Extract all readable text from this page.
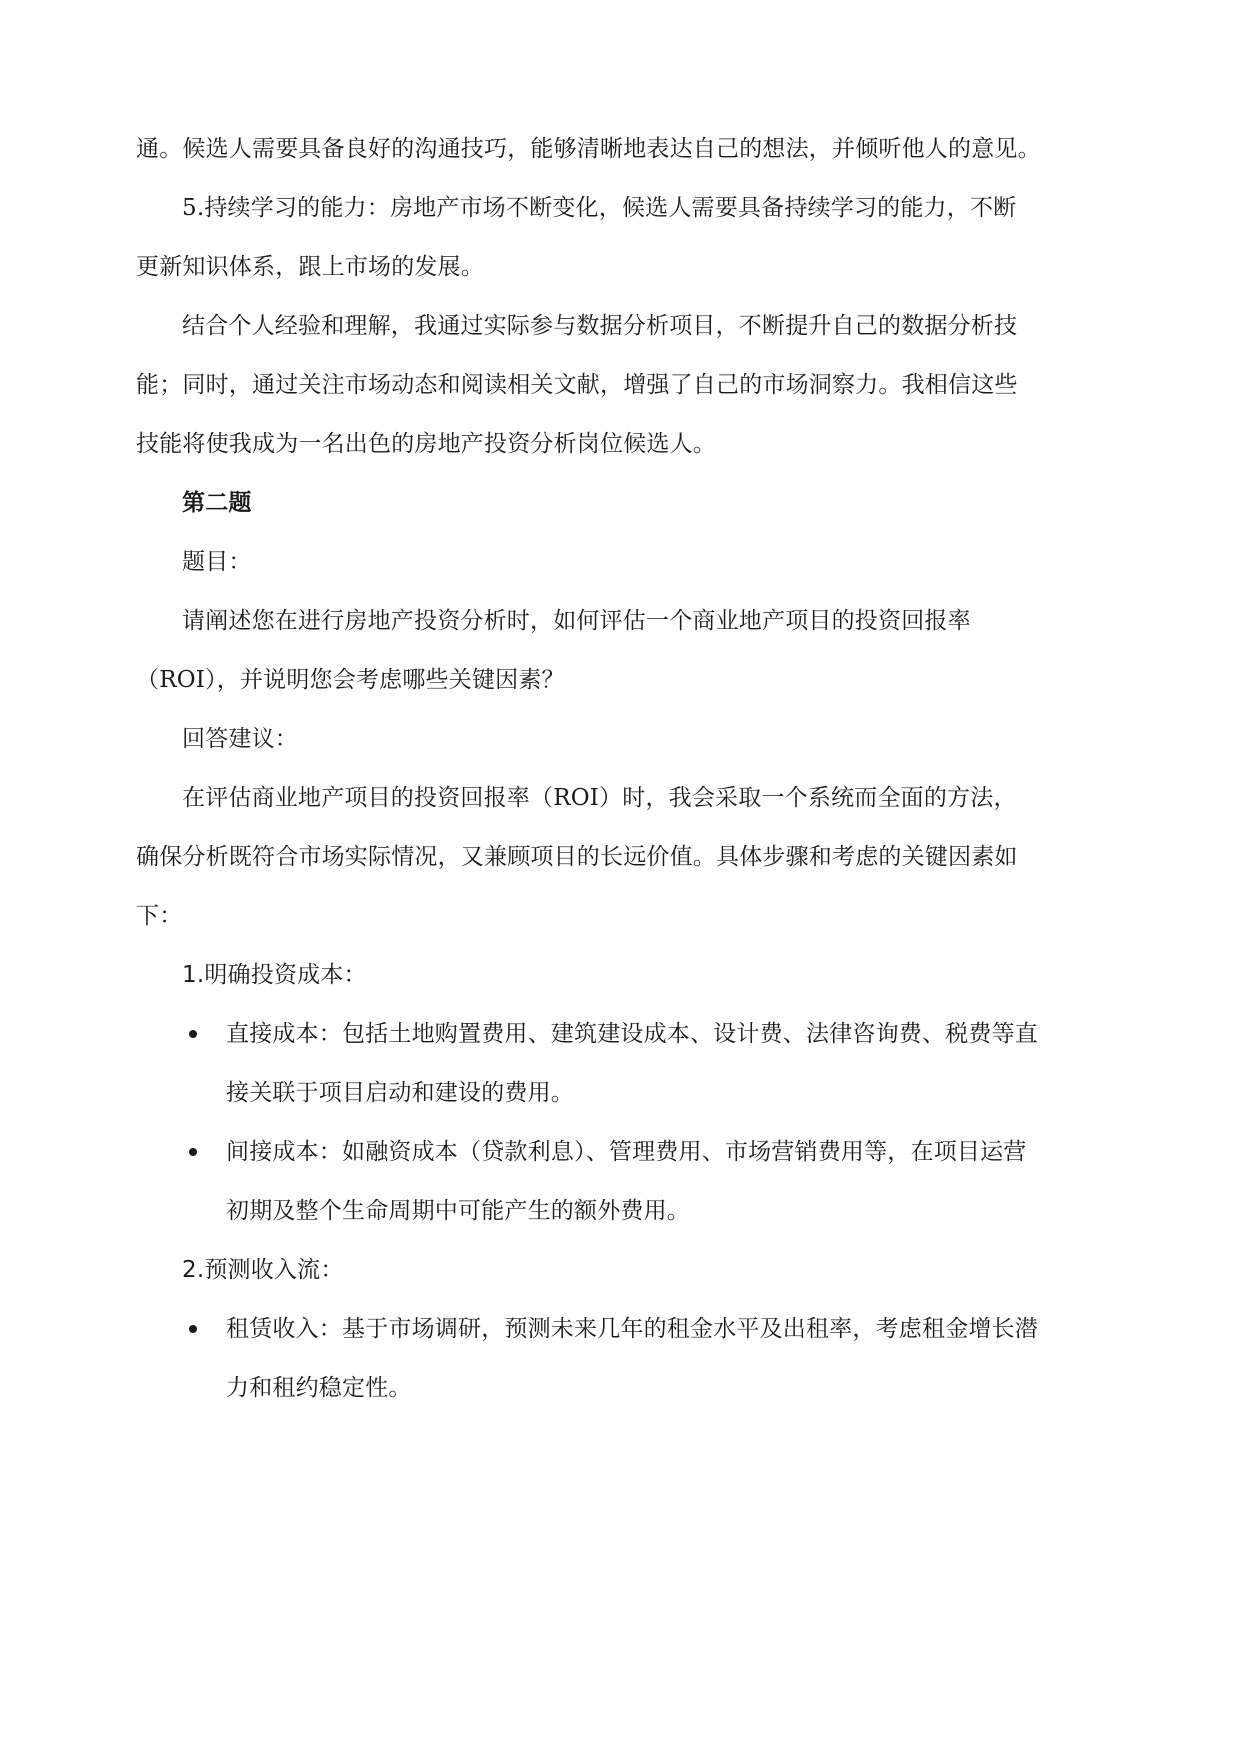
通。候选人需要具备良好的沟通技巧，能够清晰地表达自己的想法，并倾听他人的意见。
5.持续学习的能力：房地产市场不断变化，候选人需要具备持续学习的能力，不断
更新知识体系，跟上市场的发展。
结合个人经验和理解，我通过实际参与数据分析项目，不断提升自己的数据分析技
能；同时，通过关注市场动态和阅读相关文献，增强了自己的市场洞察力。我相信这些
技能将使我成为一名出色的房地产投资分析岗位候选人。
第二题
题目：
请阐述您在进行房地产投资分析时，如何评估一个商业地产项目的投资回报率
（ROI），并说明您会考虑哪些关键因素？
回答建议：
在评估商业地产项目的投资回报率（ROI）时，我会采取一个系统而全面的方法，
确保分析既符合市场实际情况，又兼顾项目的长远价值。具体步骤和考虑的关键因素如
下：
1.明确投资成本：
直接成本：包括土地购置费用、建筑建设成本、设计费、法律咨询费、税费等直
接关联于项目启动和建设的费用。
间接成本：如融资成本（贷款利息）、管理费用、市场营销费用等，在项目运营
初期及整个生命周期中可能产生的额外费用。
2.预测收入流：
租赁收入：基于市场调研，预测未来几年的租金水平及出租率，考虑租金增长潜
力和租约稳定性。
